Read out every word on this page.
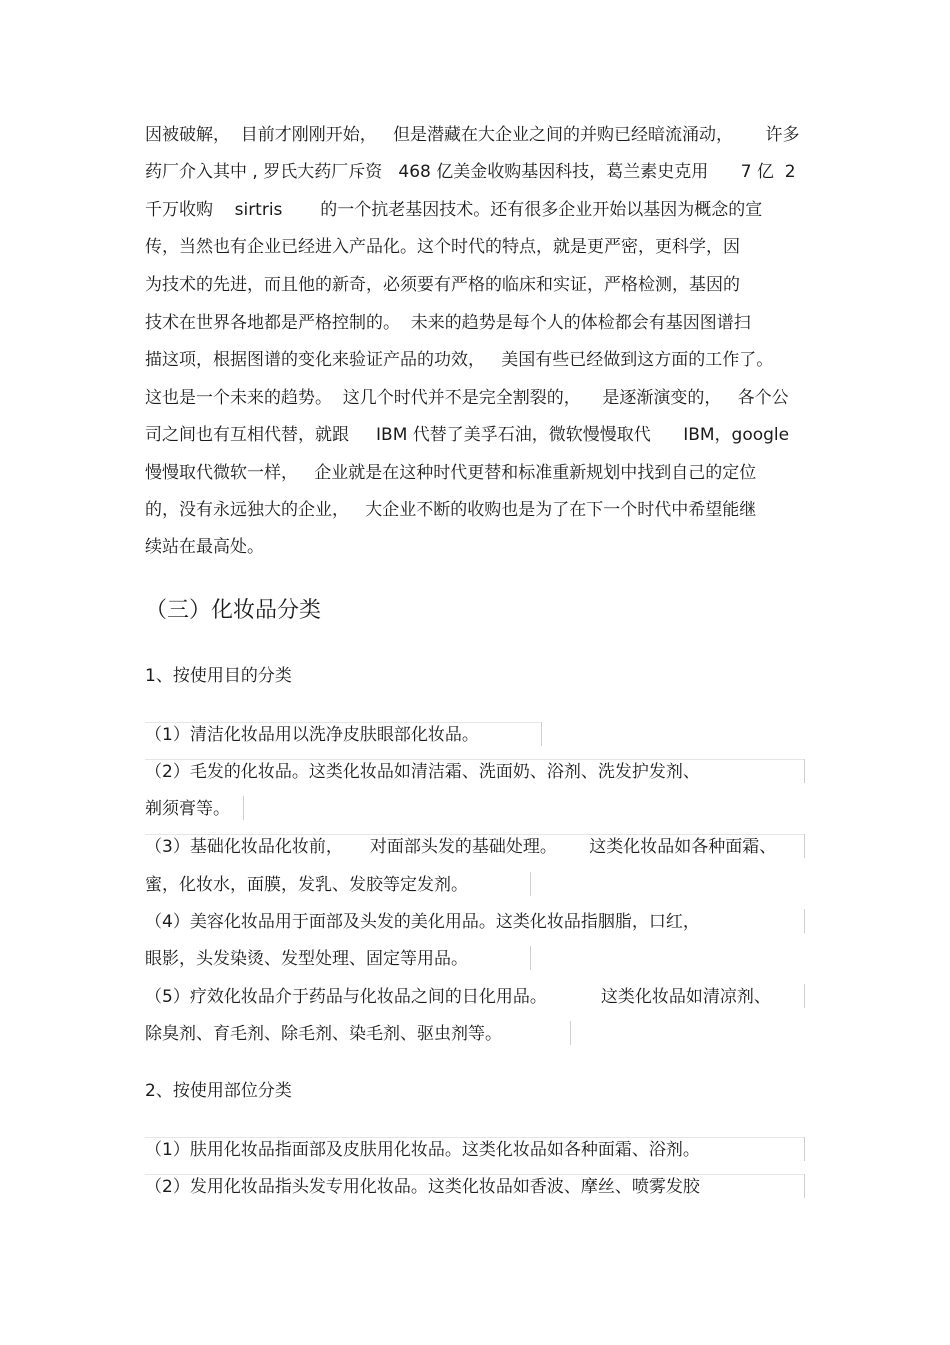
因被破解，  目前才刚刚开始，   但是潜藏在大企业之间的并购已经暗流涌动，      许多
药厂介入其中 , 罗氏大药厂斥资   468 亿美金收购基因科技，葛兰素史克用      7 亿  2
千万收购    sirtris       的一个抗老基因技术。还有很多企业开始以基因为概念的宣
传，当然也有企业已经进入产品化。这个时代的特点，就是更严密，更科学，因
为技术的先进，而且他的新奇，必须要有严格的临床和实证，严格检测，基因的
技术在世界各地都是严格控制的。  未来的趋势是每个人的体检都会有基因图谱扫
描这项，根据图谱的变化来验证产品的功效，   美国有些已经做到这方面的工作了。
这也是一个未来的趋势。  这几个时代并不是完全割裂的，    是逐渐演变的，   各个公
司之间也有互相代替，就跟     IBM 代替了美孚石油，微软慢慢取代      IBM，google
慢慢取代微软一样，   企业就是在这种时代更替和标准重新规划中找到自己的定位
的，没有永远独大的企业，   大企业不断的收购也是为了在下一个时代中希望能继
续站在最高处。
（三）化妆品分类
1、按使用目的分类
（1）清洁化妆品用以洗净皮肤眼部化妆品。
（2）毛发的化妆品。这类化妆品如清洁霜、洗面奶、浴剂、洗发护发剂、
剃须膏等。
（3）基础化妆品化妆前，     对面部头发的基础处理。      这类化妆品如各种面霜、
蜜，化妆水，面膜，发乳、发胶等定发剂。
（4）美容化妆品用于面部及头发的美化用品。这类化妆品指胭脂，口红，
眼影，头发染烫、发型处理、固定等用品。
（5）疗效化妆品介于药品与化妆品之间的日化用品。          这类化妆品如清凉剂、
除臭剂、育毛剂、除毛剂、染毛剂、驱虫剂等。
2、按使用部位分类
（1）肤用化妆品指面部及皮肤用化妆品。这类化妆品如各种面霜、浴剂。
（2）发用化妆品指头发专用化妆品。这类化妆品如香波、摩丝、喷雾发胶
